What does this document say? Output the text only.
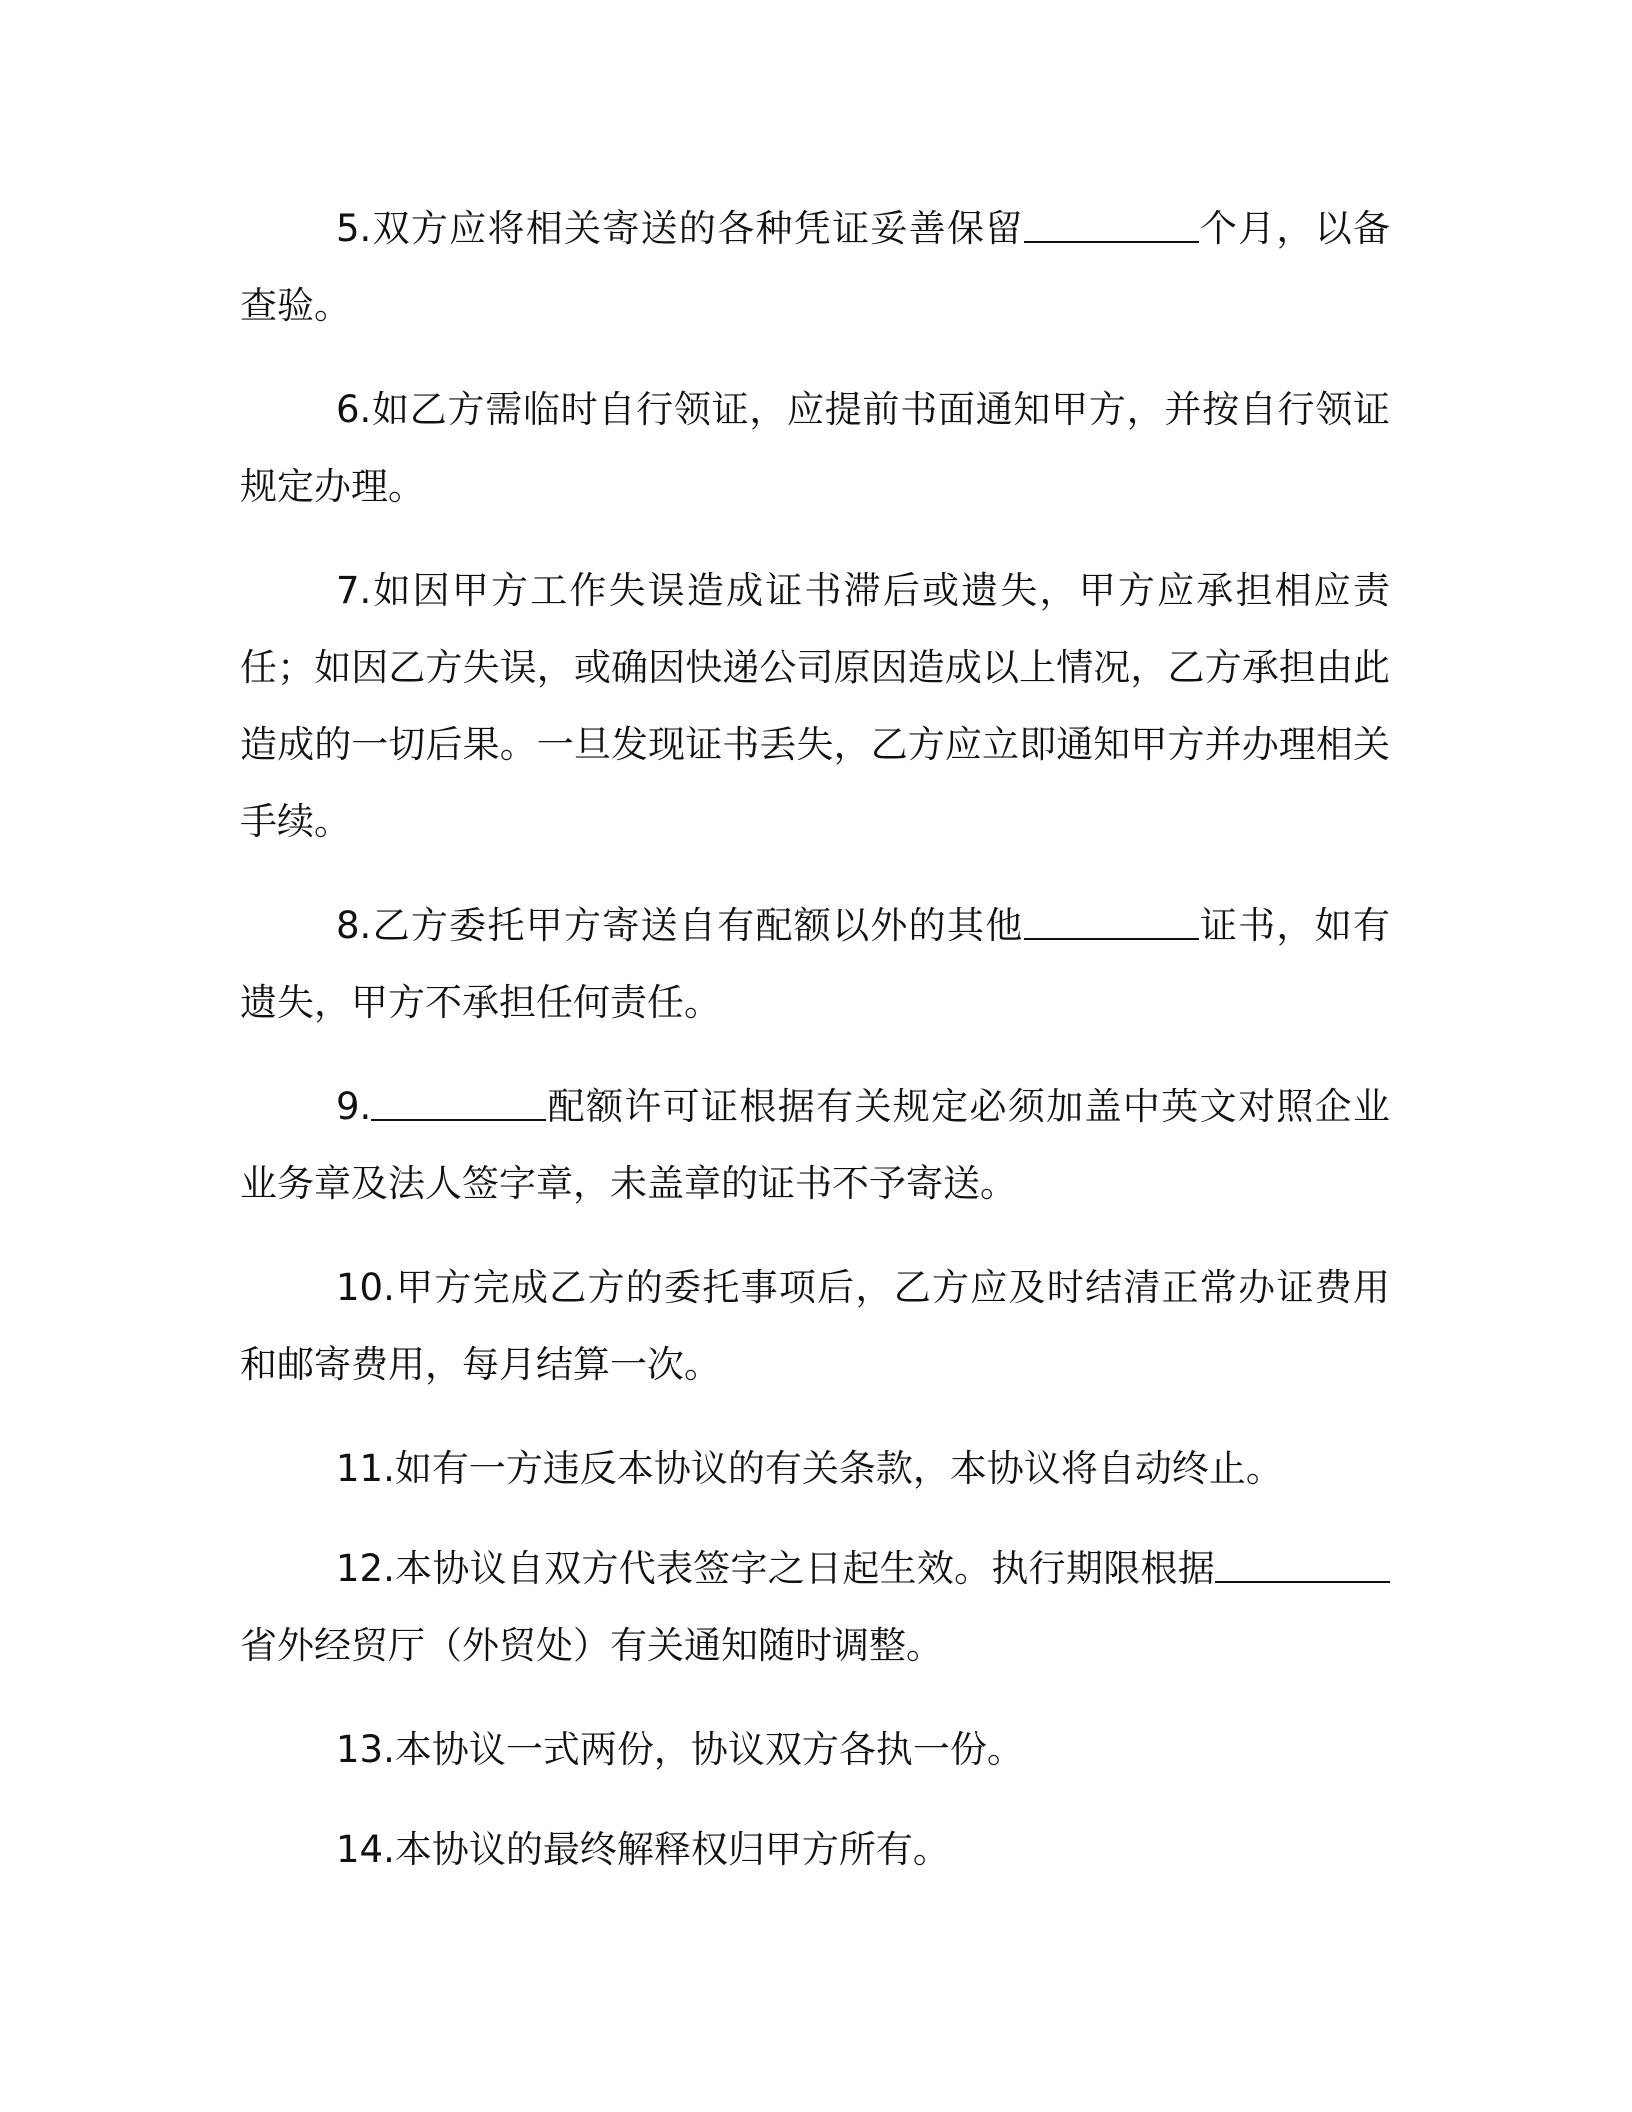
5.双方应将相关寄送的各种凭证妥善保留	个月，以备查验。

6.如乙方需临时自行领证，应提前书面通知甲方，并按自行领证规定办理。

7.如因甲方工作失误造成证书滞后或遗失，甲方应承担相应责任；如因乙方失误，或确因快递公司原因造成以上情况，乙方承担由此造成的一切后果。一旦发现证书丢失，乙方应立即通知甲方并办理相关手续。

8.乙方委托甲方寄送自有配额以外的其他	证书，如有遗失，甲方不承担任何责任。

9.	配额许可证根据有关规定必须加盖中英文对照企业业务章及法人签字章，未盖章的证书不予寄送。

10.甲方完成乙方的委托事项后，乙方应及时结清正常办证费用和邮寄费用，每月结算一次。

11.如有一方违反本协议的有关条款，本协议将自动终止。

12.本协议自双方代表签字之日起生效。执行期限根据省外经贸厅（外贸处）有关通知随时调整。

13.本协议一式两份，协议双方各执一份。

14.本协议的最终解释权归甲方所有。
